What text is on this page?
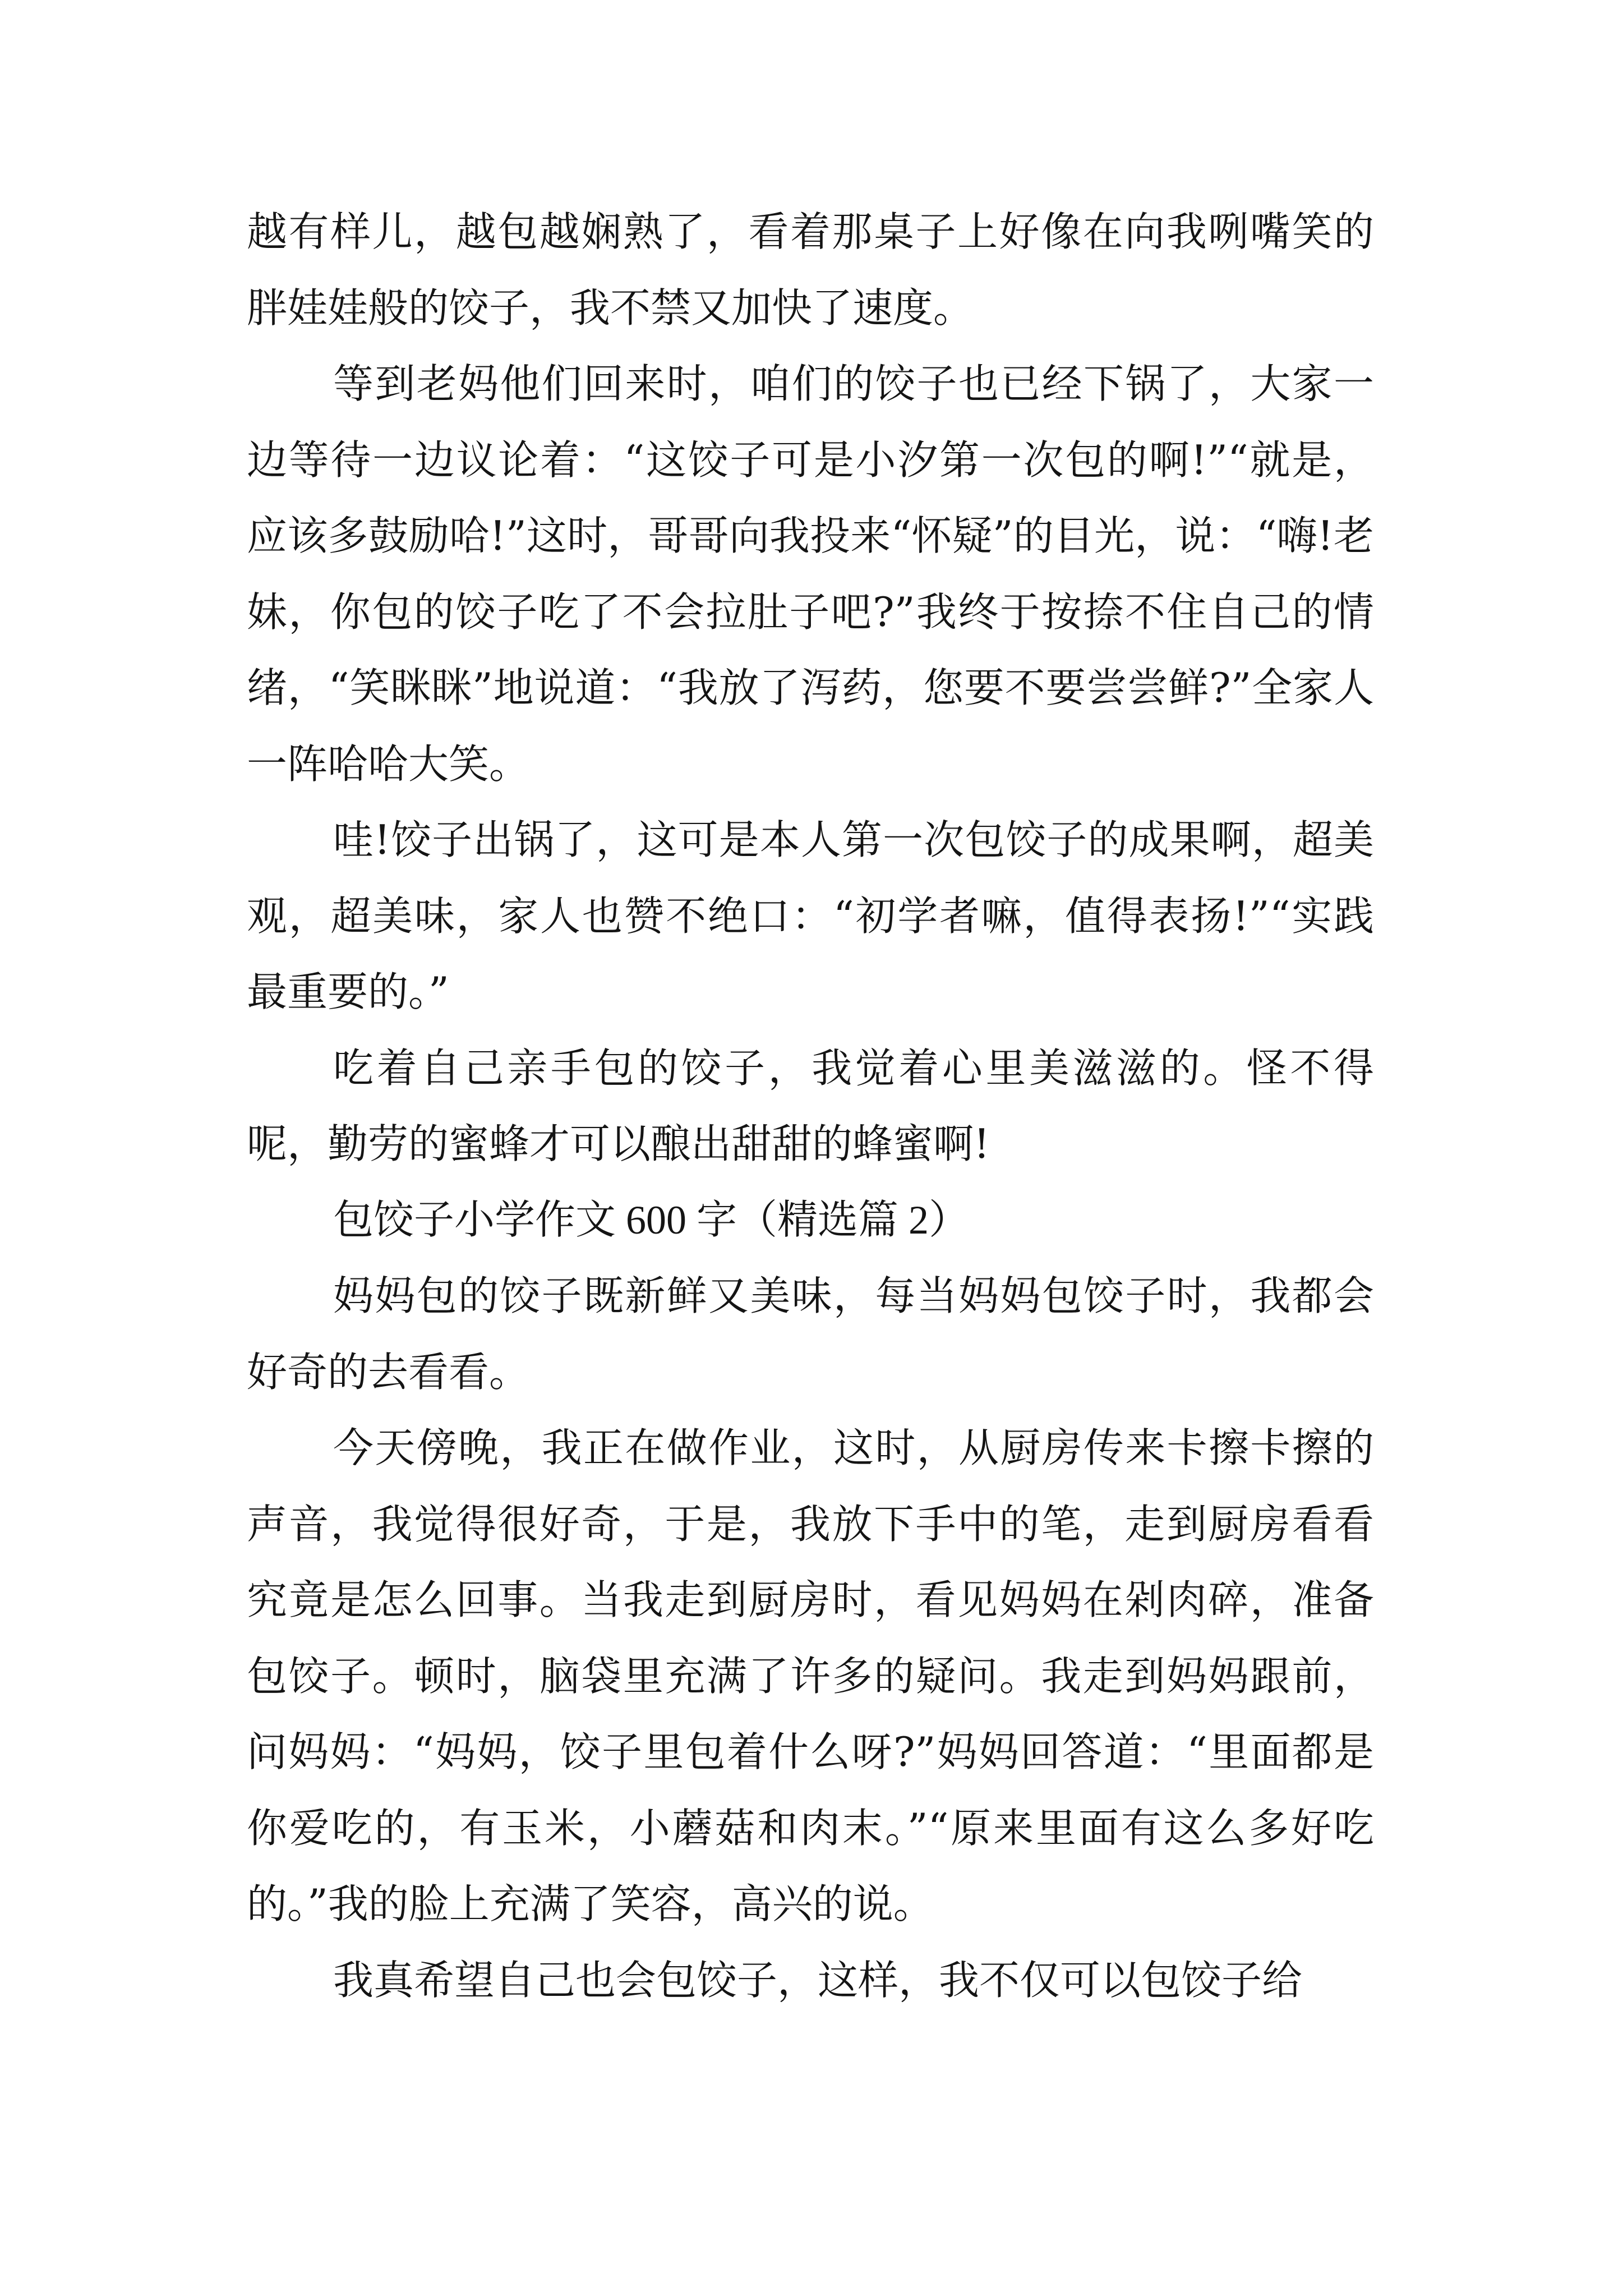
越有样儿，越包越娴熟了，看着那桌子上好像在向我咧嘴笑的胖娃娃般的饺子，我不禁又加快了速度。

等到老妈他们回来时，咱们的饺子也已经下锅了，大家一边等待一边议论着：“这饺子可是小汐第一次包的啊!”“就是，应该多鼓励哈!”这时，哥哥向我投来“怀疑”的目光，说：“嗨!老妹，你包的饺子吃了不会拉肚子吧?”我终于按捺不住自己的情绪，“笑眯眯”地说道：“我放了泻药，您要不要尝尝鲜?”全家人一阵哈哈大笑。

哇!饺子出锅了，这可是本人第一次包饺子的成果啊，超美观，超美味，家人也赞不绝口：“初学者嘛，值得表扬!”“实践最重要的。”

吃着自己亲手包的饺子，我觉着心里美滋滋的。怪不得呢，勤劳的蜜蜂才可以酿出甜甜的蜂蜜啊!

包饺子小学作文 600 字（精选篇 2）

妈妈包的饺子既新鲜又美味，每当妈妈包饺子时，我都会好奇的去看看。

今天傍晚，我正在做作业，这时，从厨房传来卡擦卡擦的声音，我觉得很好奇，于是，我放下手中的笔，走到厨房看看究竟是怎么回事。当我走到厨房时，看见妈妈在剁肉碎，准备包饺子。顿时，脑袋里充满了许多的疑问。我走到妈妈跟前，问妈妈：“妈妈，饺子里包着什么呀?”妈妈回答道：“里面都是你爱吃的，有玉米，小蘑菇和肉末。”“原来里面有这么多好吃的。”我的脸上充满了笑容，高兴的说。

我真希望自己也会包饺子，这样，我不仅可以包饺子给
